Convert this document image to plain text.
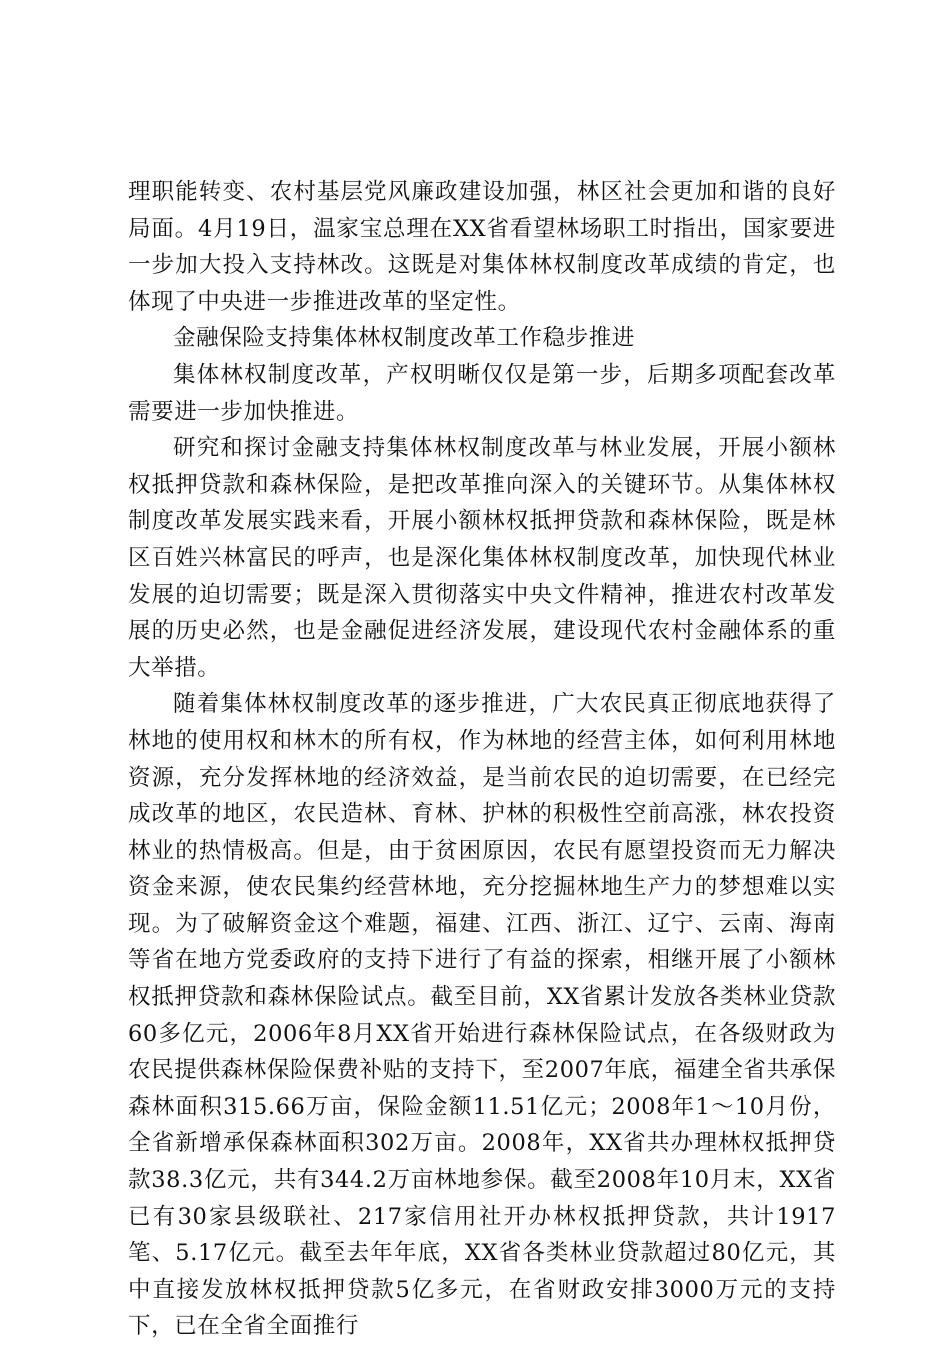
理职能转变、农村基层党风廉政建设加强，林区社会更加和谐的良好局面。4月19日，温家宝总理在XX省看望林场职工时指出，国家要进一步加大投入支持林改。这既是对集体林权制度改革成绩的肯定，也体现了中央进一步推进改革的坚定性。

金融保险支持集体林权制度改革工作稳步推进

集体林权制度改革，产权明晰仅仅是第一步，后期多项配套改革需要进一步加快推进。

研究和探讨金融支持集体林权制度改革与林业发展，开展小额林权抵押贷款和森林保险，是把改革推向深入的关键环节。从集体林权制度改革发展实践来看，开展小额林权抵押贷款和森林保险，既是林区百姓兴林富民的呼声，也是深化集体林权制度改革，加快现代林业发展的迫切需要；既是深入贯彻落实中央文件精神，推进农村改革发展的历史必然，也是金融促进经济发展，建设现代农村金融体系的重大举措。

随着集体林权制度改革的逐步推进，广大农民真正彻底地获得了林地的使用权和林木的所有权，作为林地的经营主体，如何利用林地资源，充分发挥林地的经济效益，是当前农民的迫切需要，在已经完成改革的地区，农民造林、育林、护林的积极性空前高涨，林农投资林业的热情极高。但是，由于贫困原因，农民有愿望投资而无力解决资金来源，使农民集约经营林地，充分挖掘林地生产力的梦想难以实现。为了破解资金这个难题，福建、江西、浙江、辽宁、云南、海南等省在地方党委政府的支持下进行了有益的探索，相继开展了小额林权抵押贷款和森林保险试点。截至目前，XX省累计发放各类林业贷款60多亿元，2006年8月XX省开始进行森林保险试点，在各级财政为农民提供森林保险保费补贴的支持下，至2007年底，福建全省共承保森林面积315.66万亩，保险金额11.51亿元；2008年1～10月份，全省新增承保森林面积302万亩。2008年，XX省共办理林权抵押贷款38.3亿元，共有344.2万亩林地参保。截至2008年10月末，XX省已有30家县级联社、217家信用社开办林权抵押贷款，共计1917笔、5.17亿元。截至去年年底，XX省各类林业贷款超过80亿元，其中直接发放林权抵押贷款5亿多元，在省财政安排3000万元的支持下，已在全省全面推行
